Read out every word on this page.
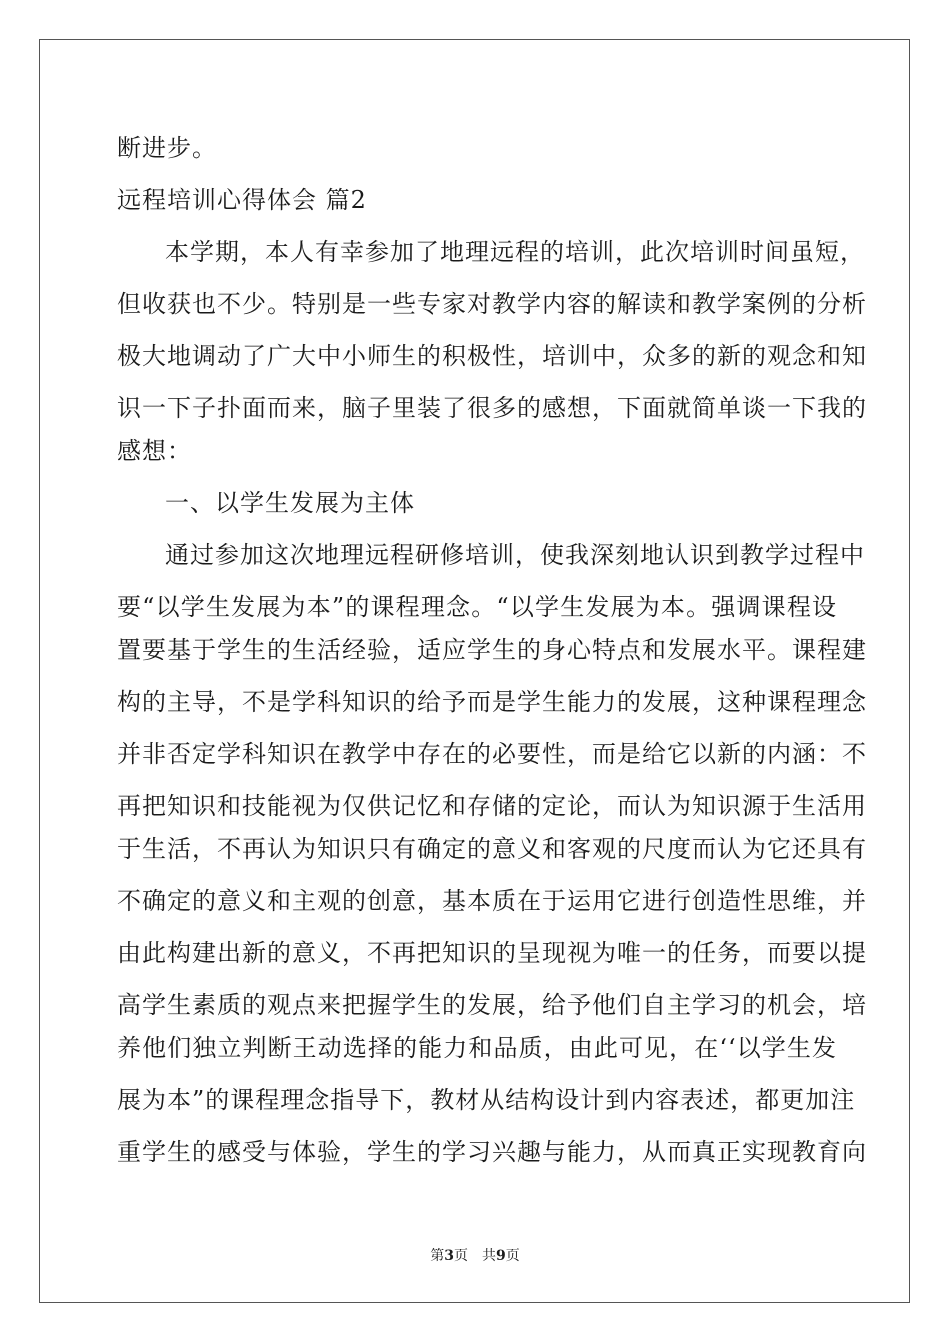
断进步。
远程培训心得体会 篇2
本学期，本人有幸参加了地理远程的培训，此次培训时间虽短，
但收获也不少。特别是一些专家对教学内容的解读和教学案例的分析
极大地调动了广大中小师生的积极性，培训中，众多的新的观念和知
识一下子扑面而来，脑子里装了很多的感想，下面就简单谈一下我的
感想：
一、以学生发展为主体
通过参加这次地理远程研修培训，使我深刻地认识到教学过程中
要“以学生发展为本”的课程理念。“以学生发展为本。强调课程设
置要基于学生的生活经验，适应学生的身心特点和发展水平。课程建
构的主导，不是学科知识的给予而是学生能力的发展，这种课程理念
并非否定学科知识在教学中存在的必要性，而是给它以新的内涵：不
再把知识和技能视为仅供记忆和存储的定论，而认为知识源于生活用
于生活，不再认为知识只有确定的意义和客观的尺度而认为它还具有
不确定的意义和主观的创意，基本质在于运用它进行创造性思维，并
由此构建出新的意义，不再把知识的呈现视为唯一的任务，而要以提
高学生素质的观点来把握学生的发展，给予他们自主学习的机会，培
养他们独立判断王动选择的能力和品质，由此可见，在‘‘以学生发
展为本”的课程理念指导下，教材从结构设计到内容表述，都更加注
重学生的感受与体验，学生的学习兴趣与能力，从而真正实现教育向
第3页　共9页
